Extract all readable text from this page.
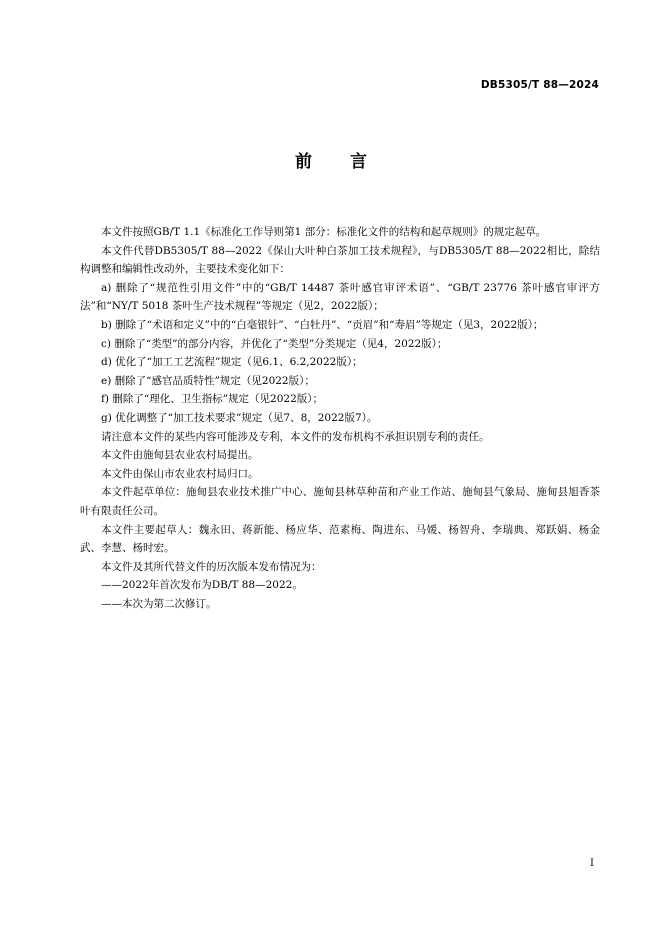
DB5305/T 88—2024
前言

本文件按照GB/T 1.1《标准化工作导则第1 部分：标准化文件的结构和起草规则》的规定起草。

本文件代替DB5305/T 88—2022《保山大叶种白茶加工技术规程》，与DB5305/T 88—2022相比，除结构调整和编辑性改动外，主要技术变化如下：

a) 删除了“规范性引用文件”中的“GB/T 14487 茶叶感官审评术语”、“GB/T 23776 茶叶感官审评方法”和“NY/T 5018 茶叶生产技术规程”等规定（见2，2022版）；

b) 删除了“术语和定义”中的“白毫银针”、“白牡丹”、“贡眉”和“寿眉”等规定（见3，2022版）；

c) 删除了“类型”的部分内容，并优化了“类型”分类规定（见4，2022版）；

d) 优化了“加工工艺流程”规定（见6.1、6.2,2022版）；

e) 删除了“感官品质特性”规定（见2022版）；

f) 删除了“理化、卫生指标”规定（见2022版）；

g) 优化调整了“加工技术要求”规定（见7、8，2022版7）。

请注意本文件的某些内容可能涉及专利，本文件的发布机构不承担识别专利的责任。

本文件由施甸县农业农村局提出。

本文件由保山市农业农村局归口。

本文件起草单位：施甸县农业技术推广中心、施甸县林草种苗和产业工作站、施甸县气象局、施甸县旭香茶叶有限责任公司。

本文件主要起草人：魏永田、蒋新能、杨应华、范素梅、陶进东、马媛、杨智舟、李瑞典、郑跃娟、杨金武、李慧、杨时宏。

本文件及其所代替文件的历次版本发布情况为：

——2022年首次发布为DB/T 88—2022。

——本次为第二次修订。

I
